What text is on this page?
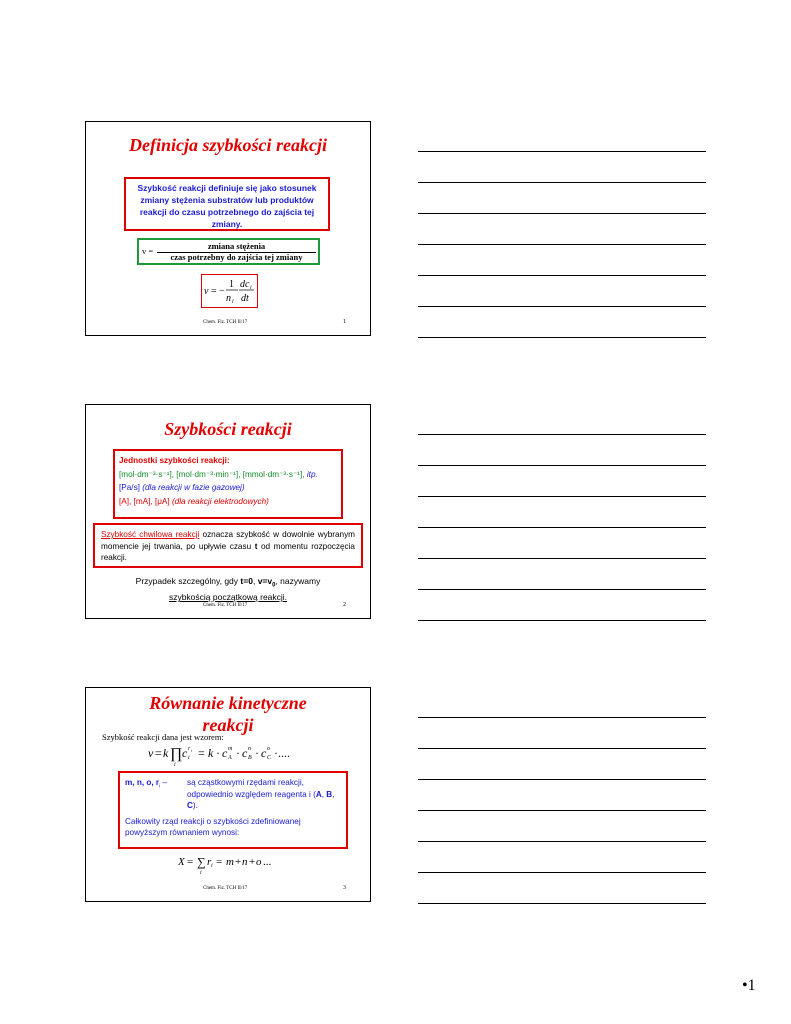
Definicja szybkości reakcji
Szybkość reakcji definiuje się jako stosunek zmiany stężenia substratów lub produktów reakcji do czasu potrzebnego do zajścia tej zmiany.
v =	zmiana stężenia
czas potrzebny do zajścia tej zmiany
v = −
1
n i
dc i
dt
Chem. Fiz. TCH II/17	1
Szybkości reakcji
Jednostki szybkości reakcji:
[mol·dm⁻³·s⁻¹], [mol·dm⁻³·min⁻¹], [mmol·dm⁻³·s⁻¹], itp.
[Pa/s] (dla reakcji w fazie gazowej)
[A], [mA], [μA] (dla reakcji elektrodowych)
Szybkość chwilowa reakcji oznacza szybkość w dowolnie wybranym momencie jej trwania, po upływie czasu t od momentu rozpoczęcia reakcji.
Przypadek szczególny, gdy t=0, $v=v_0$, nazywamy
szybkością początkową reakcji.
Chem. Fiz. TCH II/17	2
Równanie kinetyczne
reakcji
Szybkość reakcji dana jest wzorem:
v = k ∏
i
c i
r i = k · c A
m · c B
n · c C
o ·....
m, n, o, $r_i$ –	są cząstkowymi rzędami reakcji, odpowiednio względem reagenta i (A, B, C).
Całkowity rząd reakcji o szybkości zdefiniowanej powyższym równaniem wynosi:
X = ∑
i
r i = m + n + o ...
Chem. Fiz. TCH II/17	3
•1
